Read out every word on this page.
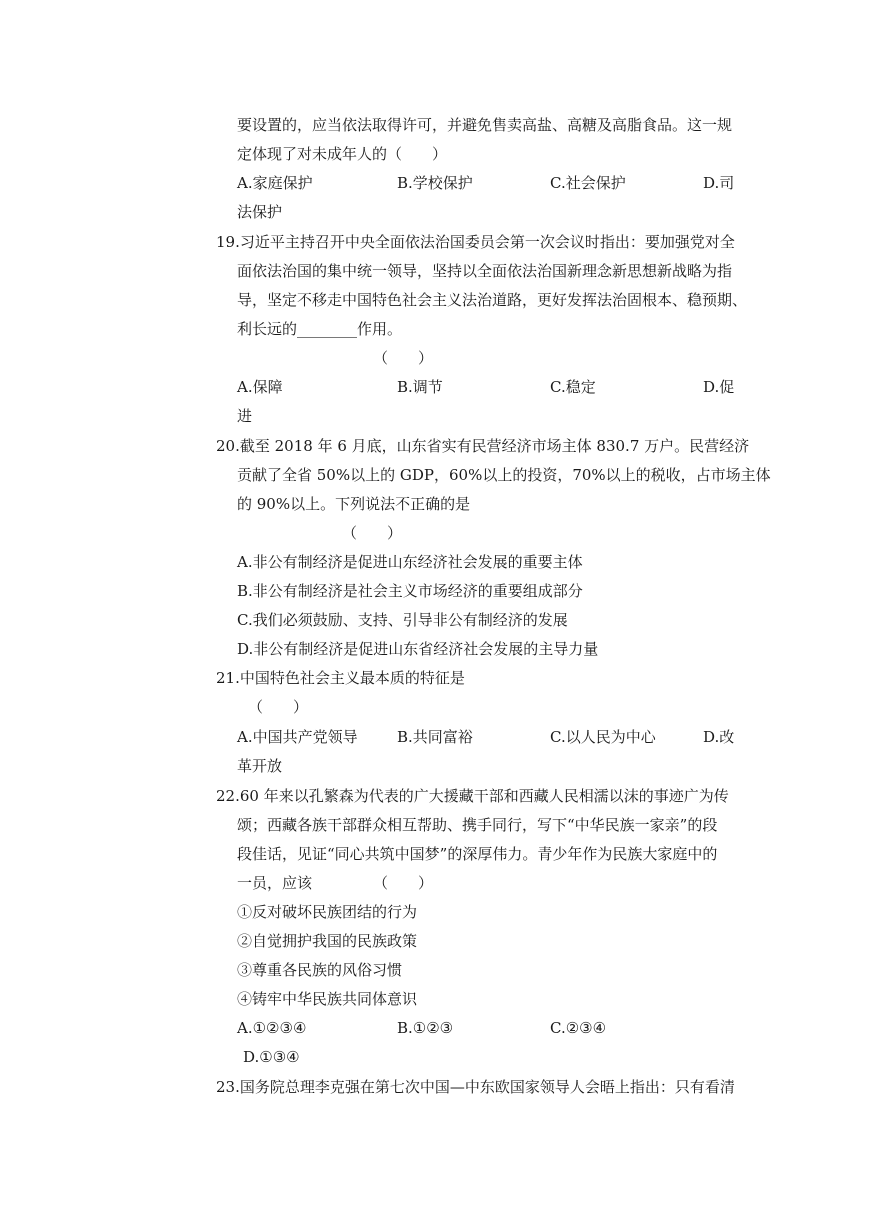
要设置的，应当依法取得许可，并避免售卖高盐、高糖及高脂食品。这一规
定体现了对未成年人的（　　）
A.家庭保护	B.学校保护	C.社会保护	D.司
法保护
19.习近平主持召开中央全面依法治国委员会第一次会议时指出：要加强党对全
面依法治国的集中统一领导，坚持以全面依法治国新理念新思想新战略为指
导，坚定不移走中国特色社会主义法治道路，更好发挥法治固根本、稳预期、
利长远的________作用。
（　　）
A.保障	B.调节	C.稳定	D.促
进
20.截至 2018 年 6 月底，山东省实有民营经济市场主体 830.7 万户。民营经济
贡献了全省 50%以上的 GDP，60%以上的投资，70%以上的税收，占市场主体
的 90%以上。下列说法不正确的是
（　　）
A.非公有制经济是促进山东经济社会发展的重要主体
B.非公有制经济是社会主义市场经济的重要组成部分
C.我们必须鼓励、支持、引导非公有制经济的发展
D.非公有制经济是促进山东省经济社会发展的主导力量
21.中国特色社会主义最本质的特征是
（　　）
A.中国共产党领导	B.共同富裕	C.以人民为中心	D.改
革开放
22.60 年来以孔繁森为代表的广大援藏干部和西藏人民相濡以沫的事迹广为传
颂；西藏各族干部群众相互帮助、携手同行，写下“中华民族一家亲”的段
段佳话，见证“同心共筑中国梦”的深厚伟力。青少年作为民族大家庭中的
一员，应该	（　　）
①反对破坏民族团结的行为
②自觉拥护我国的民族政策
③尊重各民族的风俗习惯
④铸牢中华民族共同体意识
A.①②③④	B.①②③	C.②③④
D.①③④
23.国务院总理李克强在第七次中国—中东欧国家领导人会晤上指出：只有看清
